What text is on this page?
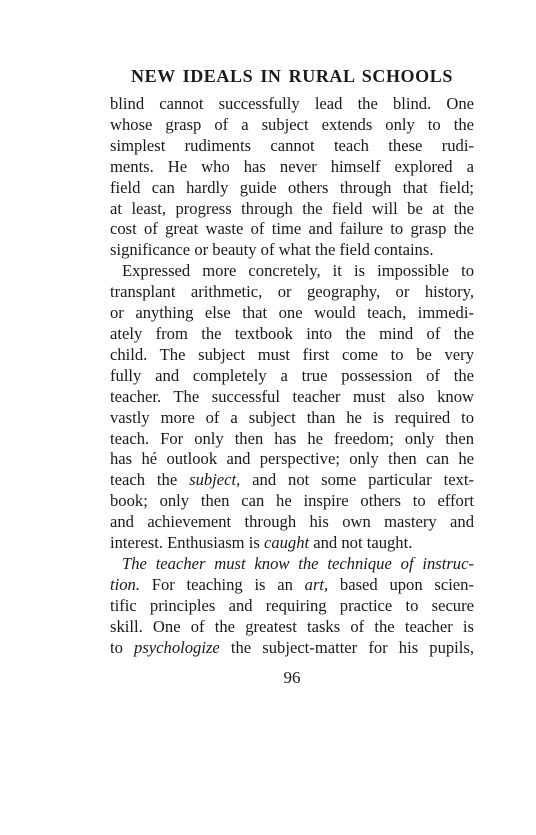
NEW IDEALS IN RURAL SCHOOLS

blind cannot successfully lead the blind. One
whose grasp of a subject extends only to the
simplest rudiments cannot teach these rudi-
ments. He who has never himself explored a
field can hardly guide others through that field;
at least, progress through the field will be at the
cost of great waste of time and failure to grasp the
significance or beauty of what the field contains.

Expressed more concretely, it is impossible to
transplant arithmetic, or geography, or history,
or anything else that one would teach, immedi-
ately from the textbook into the mind of the
child. The subject must first come to be very
fully and completely a true possession of the
teacher. The successful teacher must also know
vastly more of a subject than he is required to
teach. For only then has he freedom; only then
has hé outlook and perspective; only then can he
teach the subject, and not some particular text-
book; only then can he inspire others to effort
and achievement through his own mastery and
interest. Enthusiasm is caught and not taught.

The teacher must know the technique of instruc-
tion. For teaching is an art, based upon scien-
tific principles and requiring practice to secure
skill. One of the greatest tasks of the teacher is
to psychologize the subject-matter for his pupils,

96
